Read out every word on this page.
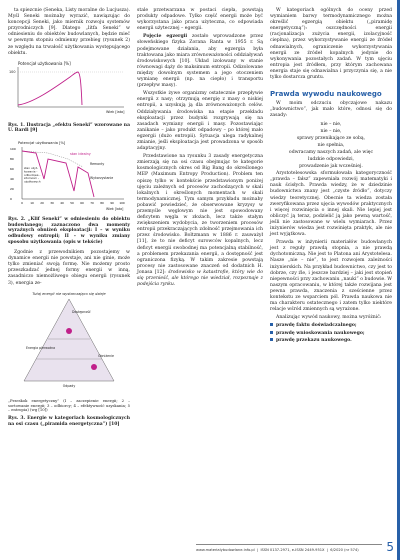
ta spiezcnie (Seneka, Listy moralne do Lucjusza). Myśl Seneki możnaby wyrazić, nawiązując do koncepcji Seneki, jako miernik rozwoju systemów przyrodniczych [9]. Dlatego „litfa Seneki” w odniesieniu do obiektów budowlanych, będzie mieć w pewnym stopniu odmienny przebieg (rysunek 2) ze względu na trwałość użytkowania występującego obiektu.

Potencjał użytkowania [%]
100
Wiek [lata]
Rys. 1. Ilustracja „efektu Seneki” wzorowane na U. Bardi [9]
Potencjał użytkowania [%]
100
80
60
40
20
0
0	10 20 30 40 50 60 70 80 90 100
stan idealny
Remonty
Wykorzystanie
stan użyt-kowania -odbudowa -zdolności -użytkowych
Wiek [lata]
Rys. 2. „Klif Seneki” w odniesieniu do obiektu budowlanego; zaznaczono dwa momenty wyraźnych obniżeń eksploatacji: I – w wyniku odbudowy entropii; II – w wyniku zmiany sposobu użytkowania (opis w tekście)

Zgodnie z przewodnikiem pozostajemy w dynamice energii nie powstaje, ani nie ginie, może tylko zmieniać swoją formę. Nie możemy prosto przeszkadzać jednej formy energii w inną, zasadniczo niemożliwego obiegu energii (rysunek 3), energia ze-

Tutaj energii nie wystarczająco się dzieje
Dostępność
Energia pierwotna
Obniżenie
Odpady
„Przeskok energetyczny” (I – zaczepienie energii; 2 – sortowanie energii; 3 – odbiorcy; 4 – efektywność uzyskania; 5 – entropia) (wg [10])
Rys. 3. Energie w kategoriach kosmologicznych na osi czasu („piramida energetyczna”) [10]

stale przetwarzana w postaci ciepła, powstają produkty odpadowe. Tylko część energii może być wykorzystana jako praca użyteczna, co odpowiada energii użytecznej – egergii.

Pojęcie egzergii zostało wprowadzone przez słoweńskiego fizyka Zorana Ranta w 1955 r. Są podejmowane działania, aby egzergia była traktowana jako miara zrównoważoności oddziaływań środowiskowych [10]. Układ izolowany w stanie równowagi dąży do maksimum entropii. Odizolowane między dowolnym systemem a jego otoczeniem wymianę energii (np. na ciepło) i transportu (przepływ masy).

Wszystkie żywe organizmy ostatecznie przepływie energii z nasy; otrzymują energię z masy o niskiej entropii, a uzyskują ją dla zrównoważonych celów. Oddziaływania środowiska na etapie przekładu eksploatacji przez budynki rozgrywają się na zasadach wymiany energii i masy. Pozostawiając zanikanie – jako produkt odpadowy – po której mało egzergii (dużo entropii). Sytuacja ulega radykalnej zmianie, jeśli eksploatacja jest prowadzona w sposób adaptacyjny.

Przedstawione na rysunku 3 zasady energetyczna zmierzają się na osi czasu obejmując te kategorie kosmologicznych okres od Big Bang do określonego MEP (Maximum Entropy Production). Problem ten opiszę tylko w kontekście przedstawionym poniżej ujęciu zależnych od procesów zachodzących w skali lokalnych i określonych momentach w skali termodynamicznej. Tym samym przykładu możnaby pobawić powiedzieć, że obserwowane kryzysy w przemyśle węglowym nie jest spowodowany deficytem węgla w złożach, lecz także stałym zwiększeniem wydobycia, ze tworzeniem procesów entropii przekraczających zdolność przejmowania ich przez środowisko. Boltzmann w 1886 r. zauważył [11], że to nie deficyt surowców kopalnych, lecz deficyt energii swobodnej ma potencjalną stabilność, a problemem przekazania energii, a dostępność jest ograniczona fizyką. W takim zakresie powstają procesy nie zastosowane znaczeń od dodatnich H. Jonasa [12]: środowisko w katastrofie, który wie do się przenieść, ale którego nie wiedział, rozpoznaje z podejścia rynku.

W kategoriach ogólnych do oceny przed wymianiem barwy termodynamicznego można określić egzergią obiektu („piramidę energetyczną”): oszczędności energii (racjonalizacja zużycia energii, izolacyjność cieplna), przez wykorzystywanie energii ze źródeł odnawialnych, ograniczenie wykorzystywania energii ze źródeł kopalnych jedynie do wykonywania pozostałych zadań. W tym ujęciu entropia jest źródłem, przy którym zachowana energia staje się odnawialna i przyczynia się, a nie tylko dostarcza gruntu.

Prawda wywodu naukowego

W moim odczuciu obyczajowe nakazu „budownictwo”, jak mało które, odnosi się do zasady:

nie – nie,
nie – nie,
sprawy przenikające ze sobą,
nie spełnia,
odwracamy naszych zadań, ale więc
ludzkie odpowiedzi,
prowadzenie jak wcześniej.

Arystotelesowska sformułowała kategoryczność „prawda – fałsz” zapewniała rozwój matematyki i nauk ścisłych. Prawda wiedzy, że w dziedzinie budownictwa znany jest „czyste źródło”, dotyczy wiedzy teoretycznej. Obecnie ta wiedza została zweryfikowana przez ujęcia wywodów praktycznych i więcej rozwinięcia o innej skali. Nie lepiej jest obliczyć ją teraz, podzielić ją jako pewną wartość, jeśli nie zastosowane w wielu wymiarach. Przez inżynierów wiedza jest rozwinięta praktyk, ale nie jest wyjątkowa.

Prawda w inżynierii materiałów budowlanych jest z reguły prawdą stopnia, a nie prawdą dychotomiczną. Nie jest to Platona ani Arystotelesa. Nasze „nie – nie”, to jest rozwojem zależności inżynierskich. Na przykład budownictwo, czy jest to dobrze, czy źle, i jeszcze bardziej – jaki jest stopień niepewności przy zachowaniu „nauki” o budowie. W naszym opracowaniu, w której także rozwijana jest pewna prawda, znaczenia z sześcienne przez kontekstu ze wsparciem pól. Prawda naukowa nie ma charakteru ostatecznego i zatem tylko niektóre relacje wśród zmiennych są wyrażone.

Analizując wywód naukowy, można wyróżnić:

prawdę faktu doświadczalnego;
prawdę wnioskowania naukowego;
prawdę przekazu naukowego.
www.materialybudowlane.info.pl  |  ISSN 0137-2971, e-ISSN 2449-951X  |  6/2020 (nr 574) 5
